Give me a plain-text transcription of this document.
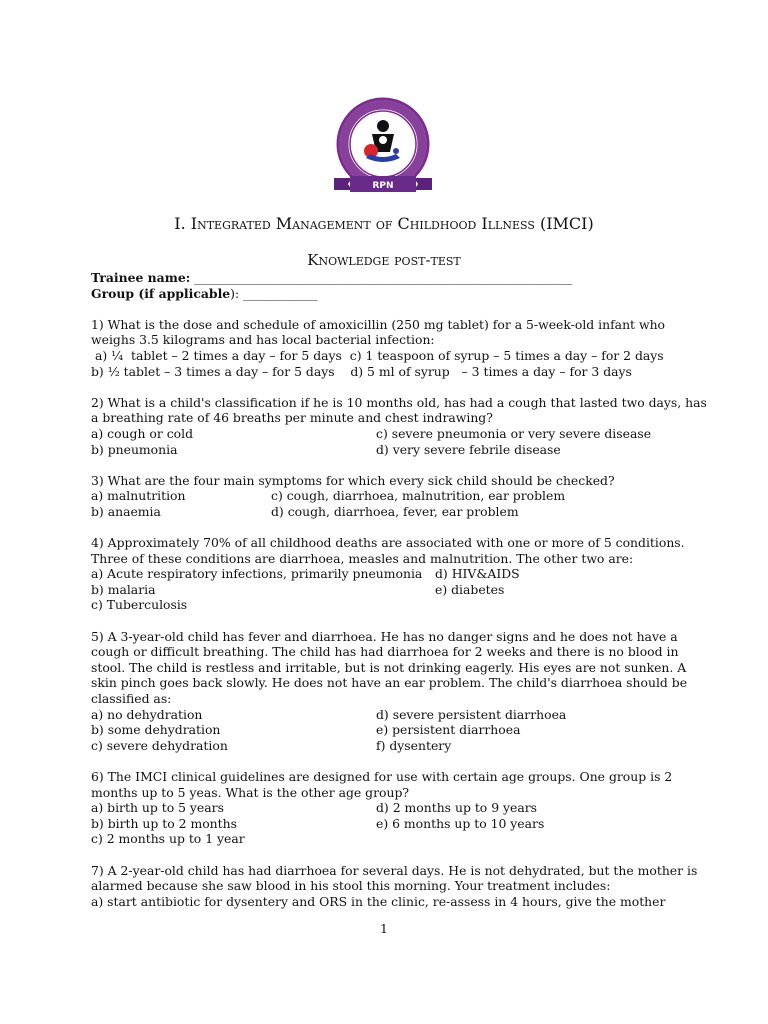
RPN
I. Integrated Management of Childhood Illness (IMCI)
Knowledge post-test
Trainee name: _____________________________________________________________
Group (if applicable): ____________
1) What is the dose and schedule of amoxicillin (250 mg tablet) for a 5-week-old infant who
weighs 3.5 kilograms and has local bacterial infection:
a) ¼  tablet – 2 times a day – for 5 days c) 1 teaspoon of syrup – 5 times a day – for 2 days
b) ½ tablet – 3 times a day – for 5 days d) 5 ml of syrup   – 3 times a day – for 3 days
2) What is a child's classification if he is 10 months old, has had a cough that lasted two days, has
a breathing rate of 46 breaths per minute and chest indrawing?
a) cough or cold	c) severe pneumonia or very severe disease
b) pneumonia	d) very severe febrile disease
3) What are the four main symptoms for which every sick child should be checked?
a) malnutrition	c) cough, diarrhoea, malnutrition, ear problem
b) anaemia	d) cough, diarrhoea, fever, ear problem
4) Approximately 70% of all childhood deaths are associated with one or more of 5 conditions.
Three of these conditions are diarrhoea, measles and malnutrition. The other two are:
a) Acute respiratory infections, primarily pneumonia	d) HIV&AIDS
b) malaria	e) diabetes
c) Tuberculosis
5) A 3-year-old child has fever and diarrhoea. He has no danger signs and he does not have a
cough or difficult breathing. The child has had diarrhoea for 2 weeks and there is no blood in
stool. The child is restless and irritable, but is not drinking eagerly. His eyes are not sunken. A
skin pinch goes back slowly. He does not have an ear problem. The child's diarrhoea should be
classified as:
a) no dehydration	d) severe persistent diarrhoea
b) some dehydration	e) persistent diarrhoea
c) severe dehydration	f) dysentery
6) The IMCI clinical guidelines are designed for use with certain age groups. One group is 2
months up to 5 yeas. What is the other age group?
a) birth up to 5 years	d) 2 months up to 9 years
b) birth up to 2 months	e) 6 months up to 10 years
c) 2 months up to 1 year
7) A 2-year-old child has had diarrhoea for several days. He is not dehydrated, but the mother is
alarmed because she saw blood in his stool this morning. Your treatment includes:
a) start antibiotic for dysentery and ORS in the clinic, re-assess in 4 hours, give the mother
1
